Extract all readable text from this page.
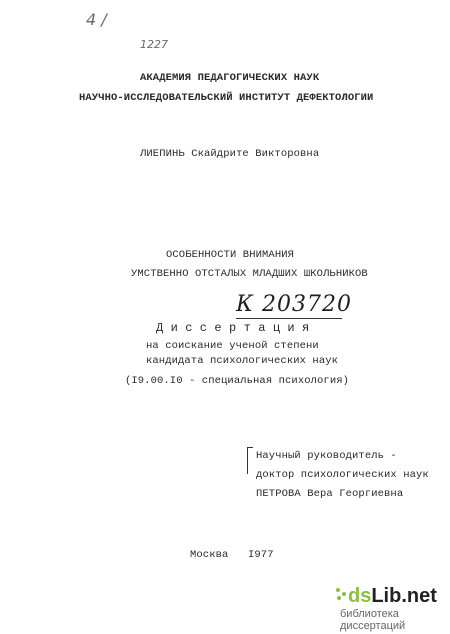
4 /
1227
АКАДЕМИЯ ПЕДАГОГИЧЕСКИХ НАУК
НАУЧНО-ИССЛЕДОВАТЕЛЬСКИЙ ИНСТИТУТ ДЕФЕКТОЛОГИИ
ЛИЕПИНЬ Скайдрите Викторовна
ОСОБЕННОСТИ ВНИМАНИЯ
УМСТВЕННО ОТСТАЛЫХ МЛАДШИХ ШКОЛЬНИКОВ
К 203720
Д и с с е р т а ц и я
на соискание ученой степени
кандидата психологических наук
(I9.00.I0 - специальная психология)
Научный руководитель -
доктор психологических наук
ПЕТРОВА Вера Георгиевна
Москва I977
dsLib.net
библиотека диссертаций
